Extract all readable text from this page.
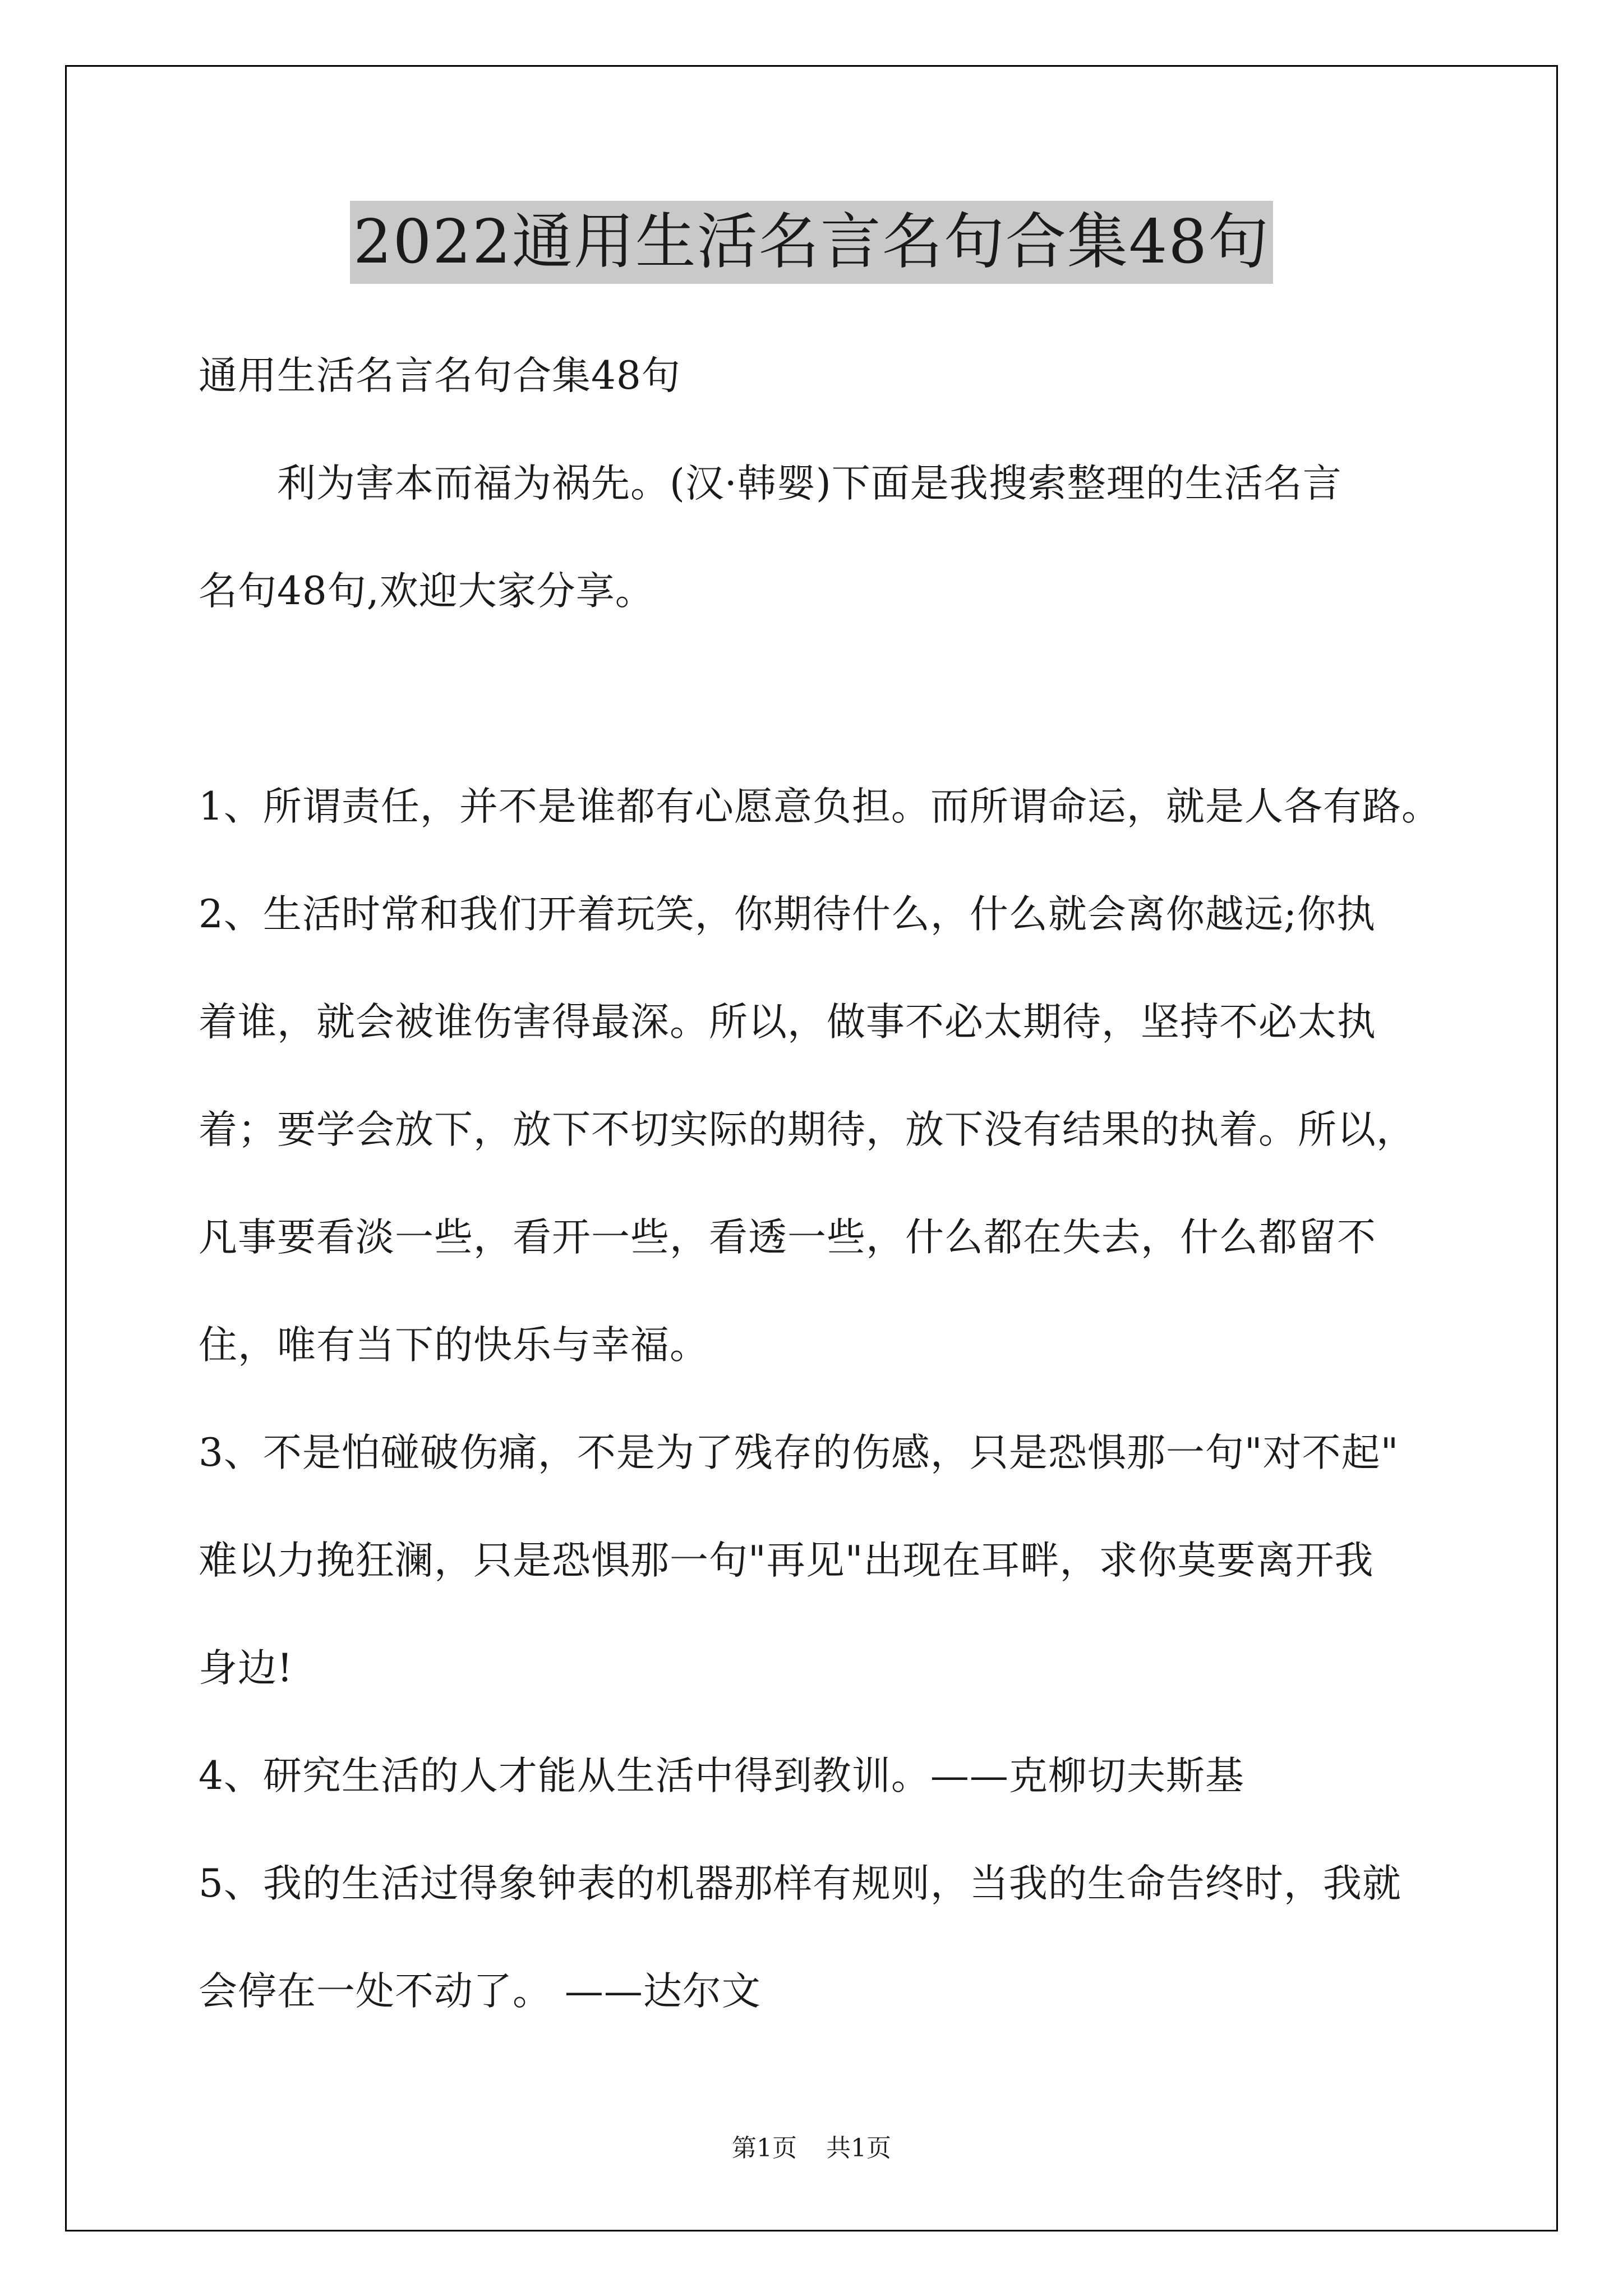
2022通用生活名言名句合集48句
通用生活名言名句合集48句
　　利为害本而福为祸先。(汉·韩婴)下面是我搜索整理的生活名言
名句48句,欢迎大家分享。
1、所谓责任，并不是谁都有心愿意负担。而所谓命运，就是人各有路。
2、生活时常和我们开着玩笑，你期待什么，什么就会离你越远;你执
着谁，就会被谁伤害得最深。所以，做事不必太期待，坚持不必太执
着；要学会放下，放下不切实际的期待，放下没有结果的执着。所以，
凡事要看淡一些，看开一些，看透一些，什么都在失去，什么都留不
住，唯有当下的快乐与幸福。
3、不是怕碰破伤痛，不是为了残存的伤感，只是恐惧那一句"对不起"
难以力挽狂澜，只是恐惧那一句"再见"出现在耳畔，求你莫要离开我
身边!
4、研究生活的人才能从生活中得到教训。——克柳切夫斯基
5、我的生活过得象钟表的机器那样有规则，当我的生命告终时，我就
会停在一处不动了。 ——达尔文
第1页 共1页
